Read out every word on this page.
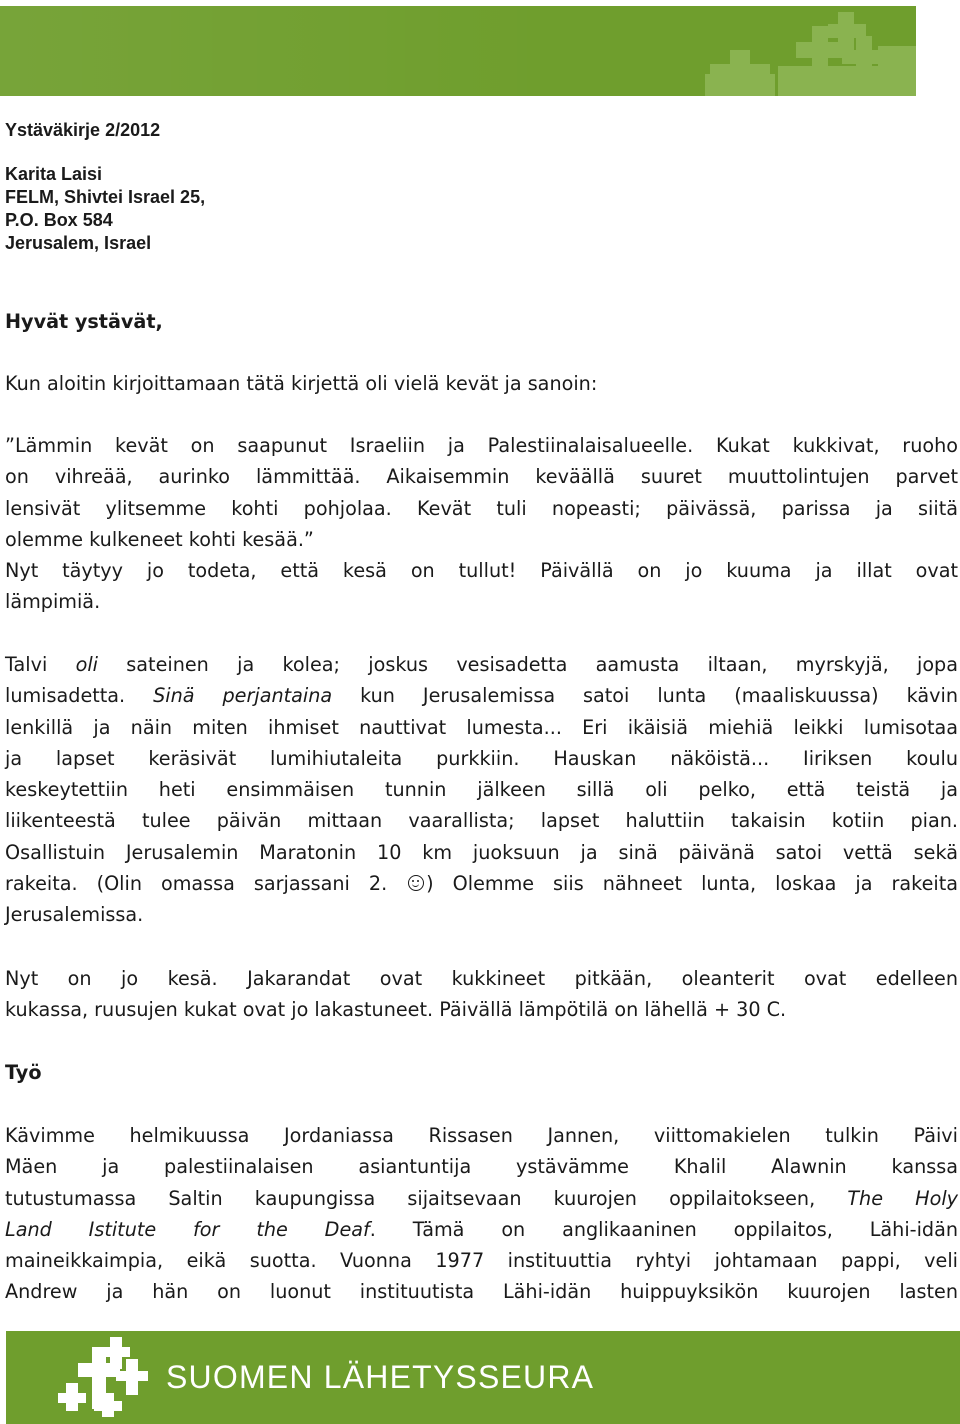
Ystäväkirje 2/2012
Karita Laisi
FELM, Shivtei Israel 25,
P.O. Box 584
Jerusalem, Israel

Hyvät ystävät,

Kun aloitin kirjoittamaan tätä kirjettä oli vielä kevät ja sanoin:

”Lämmin kevät on saapunut Israeliin ja Palestiinalaisalueelle. Kukat kukkivat, ruoho

on vihreää, aurinko lämmittää. Aikaisemmin keväällä suuret muuttolintujen parvet

lensivät ylitsemme kohti pohjolaa. Kevät tuli nopeasti; päivässä, parissa ja siitä

olemme kulkeneet kohti kesää.”

Nyt täytyy jo todeta, että kesä on tullut! Päivällä on jo kuuma ja illat ovat

lämpimiä.

Talvi oli sateinen ja kolea; joskus vesisadetta aamusta iltaan, myrskyjä, jopa

lumisadetta. Sinä perjantaina kun Jerusalemissa satoi lunta (maaliskuussa) kävin

lenkillä ja näin miten ihmiset nauttivat lumesta... Eri ikäisiä miehiä leikki lumisotaa

ja lapset keräsivät lumihiutaleita purkkiin. Hauskan näköistä... Iiriksen koulu

keskeytettiin heti ensimmäisen tunnin jälkeen sillä oli pelko, että teistä ja

liikenteestä tulee päivän mittaan vaarallista; lapset haluttiin takaisin kotiin pian.

Osallistuin Jerusalemin Maratonin 10 km juoksuun ja sinä päivänä satoi vettä sekä

rakeita. (Olin omassa sarjassani 2. ) Olemme siis nähneet lunta, loskaa ja rakeita

Jerusalemissa.

Nyt on jo kesä. Jakarandat ovat kukkineet pitkään, oleanterit ovat edelleen

kukassa, ruusujen kukat ovat jo lakastuneet. Päivällä lämpötilä on lähellä + 30 C.

Työ

Kävimme helmikuussa Jordaniassa Rissasen Jannen, viittomakielen tulkin Päivi

Mäen ja palestiinalaisen asiantuntija ystävämme Khalil Alawnin kanssa

tutustumassa Saltin kaupungissa sijaitsevaan kuurojen oppilaitokseen, The Holy

Land Istitute for the Deaf. Tämä on anglikaaninen oppilaitos, Lähi-idän

maineikkaimpia, eikä suotta. Vuonna 1977 instituuttia ryhtyi johtamaan pappi, veli

Andrew ja hän on luonut instituutista Lähi-idän huippuyksikön kuurojen lasten

SUOMEN LÄHETYSSEURA
